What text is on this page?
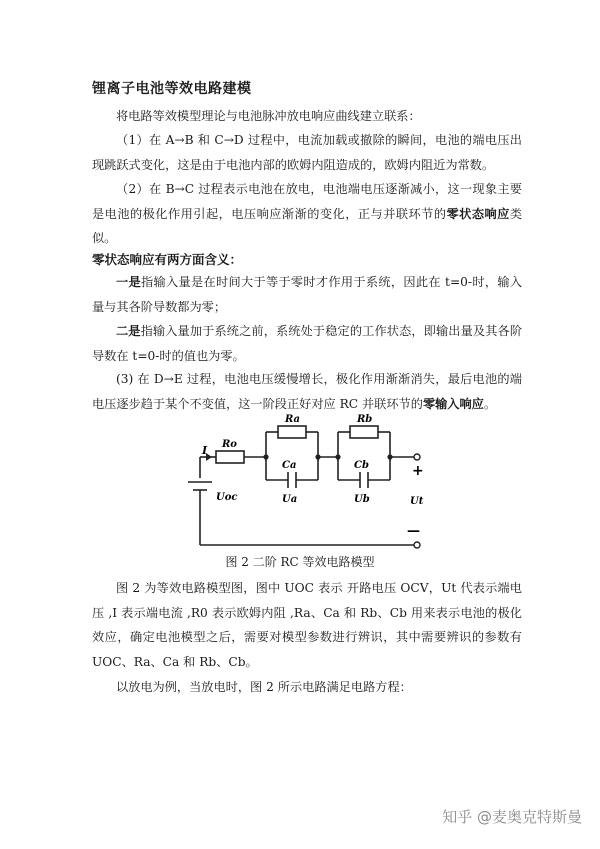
锂离子电池等效电路建模
将电路等效模型理论与电池脉冲放电响应曲线建立联系：
（1）在 A→B 和 C→D 过程中，电流加载或撤除的瞬间，电池的端电压出现跳跃式变化，这是由于电池内部的欧姆内阻造成的，欧姆内阻近为常数。
（2）在 B→C 过程表示电池在放电，电池端电压逐渐减小，这一现象主要是电池的极化作用引起，电压响应渐渐的变化，正与并联环节的零状态响应类似。
零状态响应有两方面含义：
一是指输入量是在时间大于等于零时才作用于系统，因此在 t=0-时，输入量与其各阶导数都为零；
二是指输入量加于系统之前，系统处于稳定的工作状态，即输出量及其各阶导数在 t=0-时的值也为零。
(3) 在 D→E 过程，电池电压缓慢增长，极化作用渐渐消失，最后电池的端电压逐步趋于某个不变值，这一阶段正好对应 RC 并联环节的零输入响应。
I Ro
Ra	Rb
Ca	Cb
Ua	Ub
Uoc	Ut
+
—
图 2 二阶 RC 等效电路模型
图 2 为等效电路模型图，图中 UOC 表示 开路电压 OCV，Ut 代表示端电压 ,I 表示端电流 ,R0 表示欧姆内阻 ,Ra、Ca 和 Rb、Cb 用来表示电池的极化效应，确定电池模型之后，需要对模型参数进行辨识，其中需要辨识的参数有 UOC、Ra、Ca 和 Rb、Cb。
以放电为例，当放电时，图 2 所示电路满足电路方程：
知乎 @麦奥克特斯曼
